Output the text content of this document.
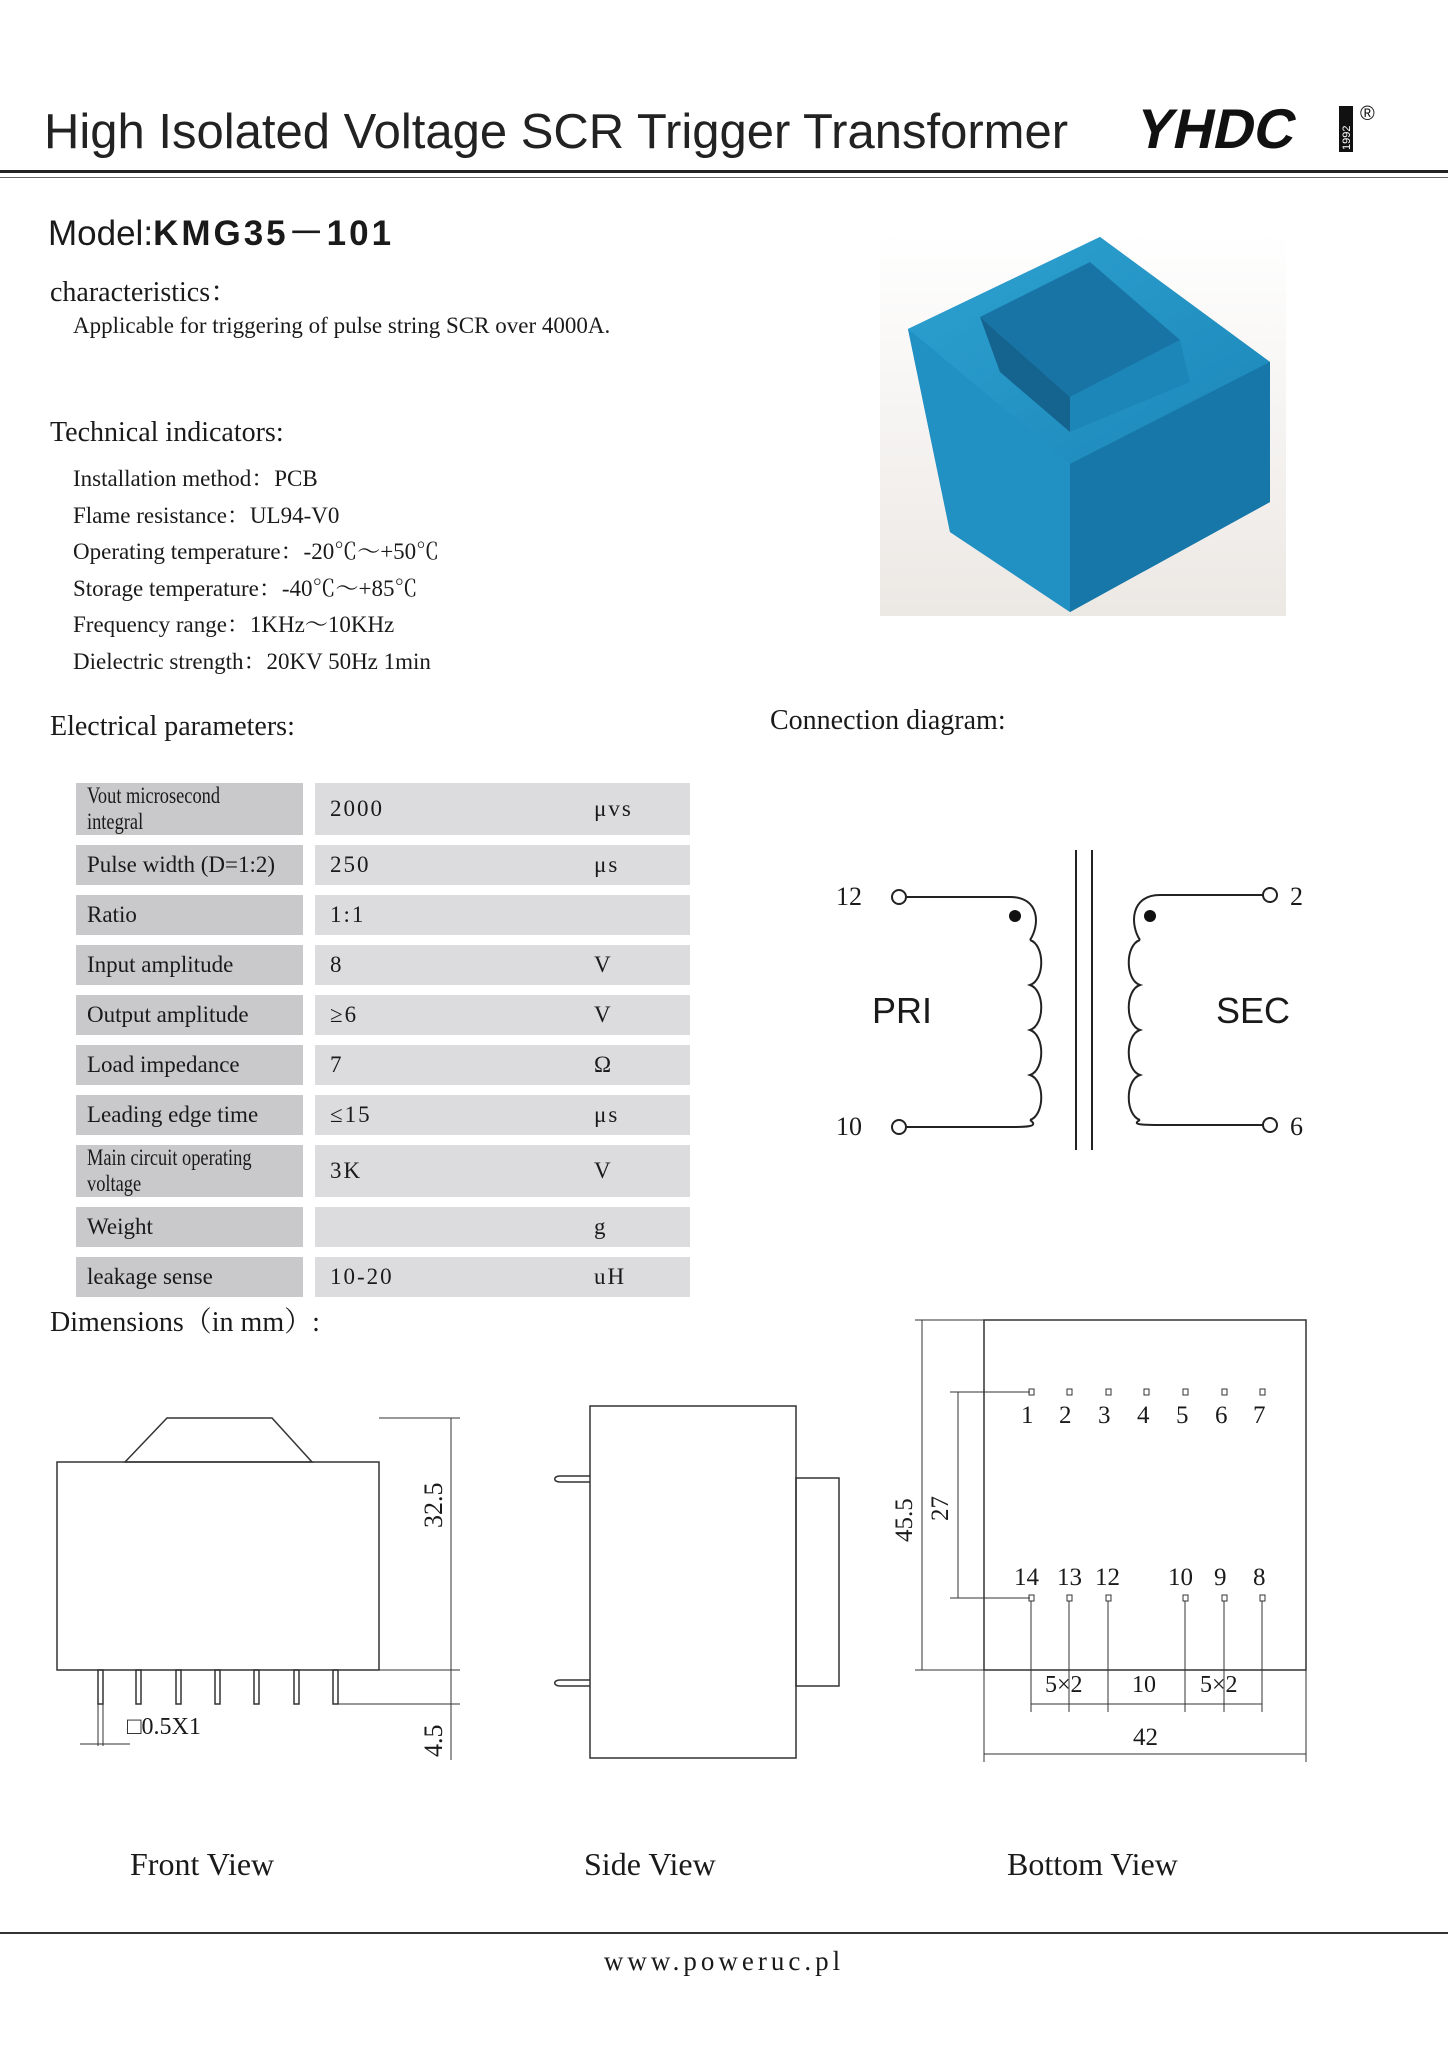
High Isolated Voltage SCR Trigger Transformer YHDC	1992
®
Model:KMG35－101
characteristics：
Applicable for triggering of pulse string SCR over 4000A.
Technical indicators:
Installation method：PCB
Flame resistance：UL94-V0
Operating temperature：-20℃～+50℃
Storage temperature：-40℃～+85℃
Frequency range：1KHz～10KHz
Dielectric strength：20KV 50Hz 1min
Electrical parameters:
Vout microsecond integral		2000	μvs
Pulse width (D=1:2)		250	μs
Ratio		1:1	
Input amplitude		8	V
Output amplitude		≥6	V
Load impedance		7	Ω
Leading edge time		≤15	μs
Main circuit operating voltage		3K	V
Weight			g
leakage sense		10-20	uH
Connection diagram:
12
10
2
6
PRI	SEC
Dimensions（in mm）:
□0.5X1
32.5
4.5
1 2 3 4 5 6 7
14 13 12 10 9 8
45.5 27
5×2 10 5×2
42
Front View	Side View	Bottom View
www.poweruc.pl
